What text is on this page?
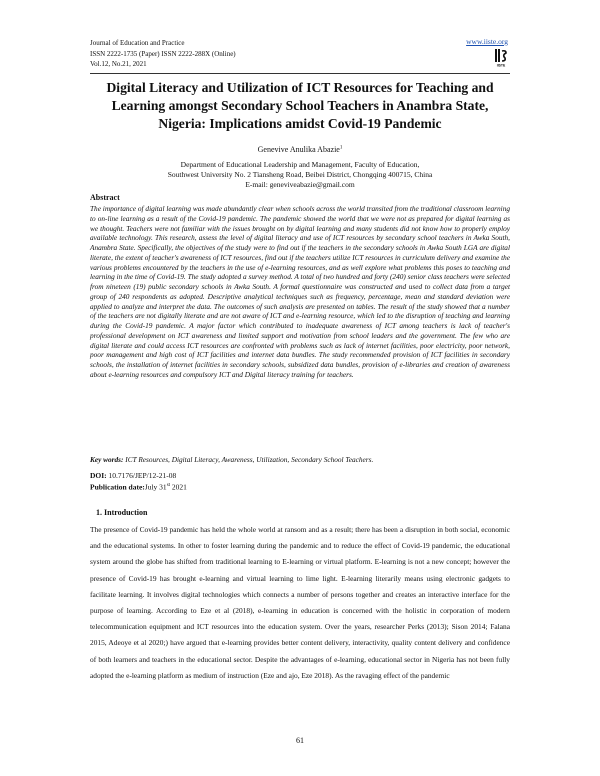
Journal of Education and Practice
ISSN 2222-1735 (Paper) ISSN 2222-288X (Online)
Vol.12, No.21, 2021
www.iiste.org
IISTE
Digital Literacy and Utilization of ICT Resources for Teaching and Learning amongst Secondary School Teachers in Anambra State, Nigeria: Implications amidst Covid-19 Pandemic
Genevive Anulika Abazie$^1$
Department of Educational Leadership and Management, Faculty of Education,
Southwest University No. 2 Tiansheng Road, Beibei District, Chongqing 400715, China
E-mail: geneviveabazie@gmail.com
Abstract
The importance of digital learning was made abundantly clear when schools across the world transited from the traditional classroom learning to on-line learning as a result of the Covid-19 pandemic. The pandemic showed the world that we were not as prepared for digital learning as we thought. Teachers were not familiar with the issues brought on by digital learning and many students did not know how to properly employ available technology. This research, assess the level of digital literacy and use of ICT resources by secondary school teachers in Awka South, Anambra State. Specifically, the objectives of the study were to find out if the teachers in the secondary schools in Awka South LGA are digital literate, the extent of teacher's awareness of ICT resources, find out if the teachers utilize ICT resources in curriculum delivery and examine the various problems encountered by the teachers in the use of e-learning resources, and as well explore what problems this poses to teaching and learning in the time of Covid-19. The study adopted a survey method. A total of two hundred and forty (240) senior class teachers were selected from nineteen (19) public secondary schools in Awka South. A formal questionnaire was constructed and used to collect data from a target group of 240 respondents as adopted. Descriptive analytical techniques such as frequency, percentage, mean and standard deviation were applied to analyze and interpret the data. The outcomes of such analysis are presented on tables. The result of the study showed that a number of the teachers are not digitally literate and are not aware of ICT and e-learning resource, which led to the disruption of teaching and learning during the Covid-19 pandemic. A major factor which contributed to inadequate awareness of ICT among teachers is lack of teacher's professional development on ICT awareness and limited support and motivation from school leaders and the government. The few who are digital literate and could access ICT resources are confronted with problems such as lack of internet facilities, poor electricity, poor network, poor management and high cost of ICT facilities and internet data bundles. The study recommended provision of ICT facilities in secondary schools, the installation of internet facilities in secondary schools, subsidized data bundles, provision of e-libraries and creation of awareness about e-learning resources and compulsory ICT and Digital literacy training for teachers.
Key words: ICT Resources, Digital Literacy, Awareness, Utilization, Secondary School Teachers.
DOI: 10.7176/JEP/12-21-08
Publication date:July 31st 2021
1. Introduction
The presence of Covid-19 pandemic has held the whole world at ransom and as a result; there has been a disruption in both social, economic and the educational systems. In other to foster learning during the pandemic and to reduce the effect of Covid-19 pandemic, the educational system around the globe has shifted from traditional learning to E-learning or virtual platform. E-learning is not a new concept; however the presence of Covid-19 has brought e-learning and virtual learning to lime light. E-learning literarily means using electronic gadgets to facilitate learning. It involves digital technologies which connects a number of persons together and creates an interactive interface for the purpose of learning. According to Eze et al (2018), e-learning in education is concerned with the holistic in corporation of modern telecommunication equipment and ICT resources into the education system. Over the years, researcher Perks (2013); Sison 2014; Falana 2015, Adeoye et al 2020;) have argued that e-learning provides better content delivery, interactivity, quality content delivery and confidence of both learners and teachers in the educational sector. Despite the advantages of e-learning, educational sector in Nigeria has not been fully adopted the e-learning platform as medium of instruction (Eze and ajo, Eze 2018). As the ravaging effect of the pandemic
61
